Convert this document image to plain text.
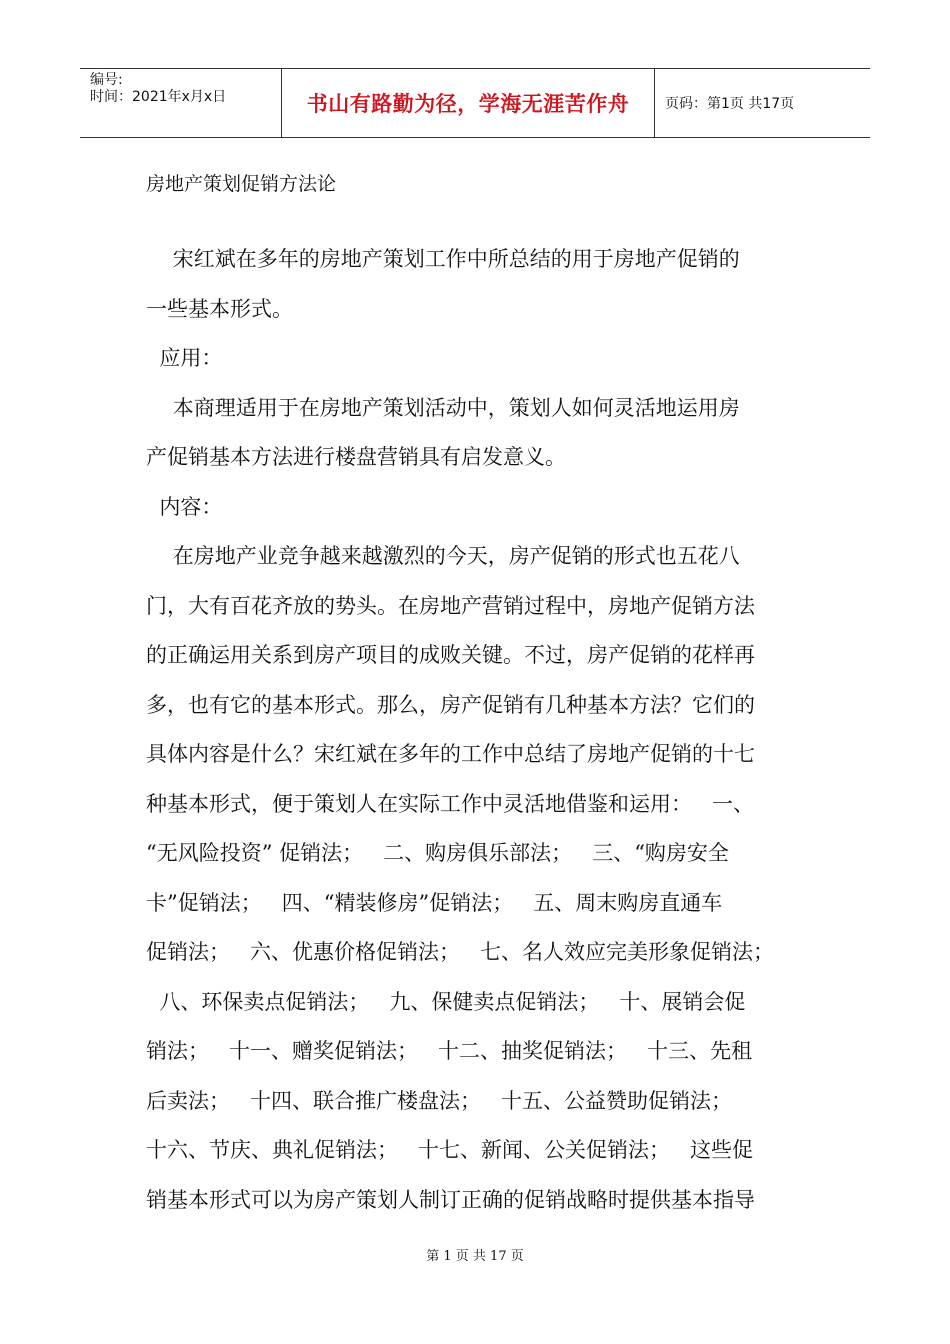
编号:
时间：2021年x月x日	书山有路勤为径，学海无涯苦作舟	页码：第1页 共17页
房地产策划促销方法论
宋红斌在多年的房地产策划工作中所总结的用于房地产促销的
一些基本形式。
应用：
本商理适用于在房地产策划活动中，策划人如何灵活地运用房
产促销基本方法进行楼盘营销具有启发意义。
内容：
在房地产业竞争越来越激烈的今天，房产促销的形式也五花八
门，大有百花齐放的势头。在房地产营销过程中，房地产促销方法
的正确运用关系到房产项目的成败关键。不过，房产促销的花样再
多，也有它的基本形式。那么，房产促销有几种基本方法？它们的
具体内容是什么？宋红斌在多年的工作中总结了房地产促销的十七
种基本形式，便于策划人在实际工作中灵活地借鉴和运用：   一、
“无风险投资” 促销法；   二、购房俱乐部法；   三、“购房安全
卡”促销法；   四、“精装修房”促销法；   五、周末购房直通车
促销法；   六、优惠价格促销法；   七、名人效应完美形象促销法；
八、环保卖点促销法；   九、保健卖点促销法；   十、展销会促
销法；   十一、赠奖促销法；   十二、抽奖促销法；   十三、先租
后卖法；   十四、联合推广楼盘法；   十五、公益赞助促销法；
十六、节庆、典礼促销法；   十七、新闻、公关促销法；   这些促
销基本形式可以为房产策划人制订正确的促销战略时提供基本指导
第 1 页 共 17 页
